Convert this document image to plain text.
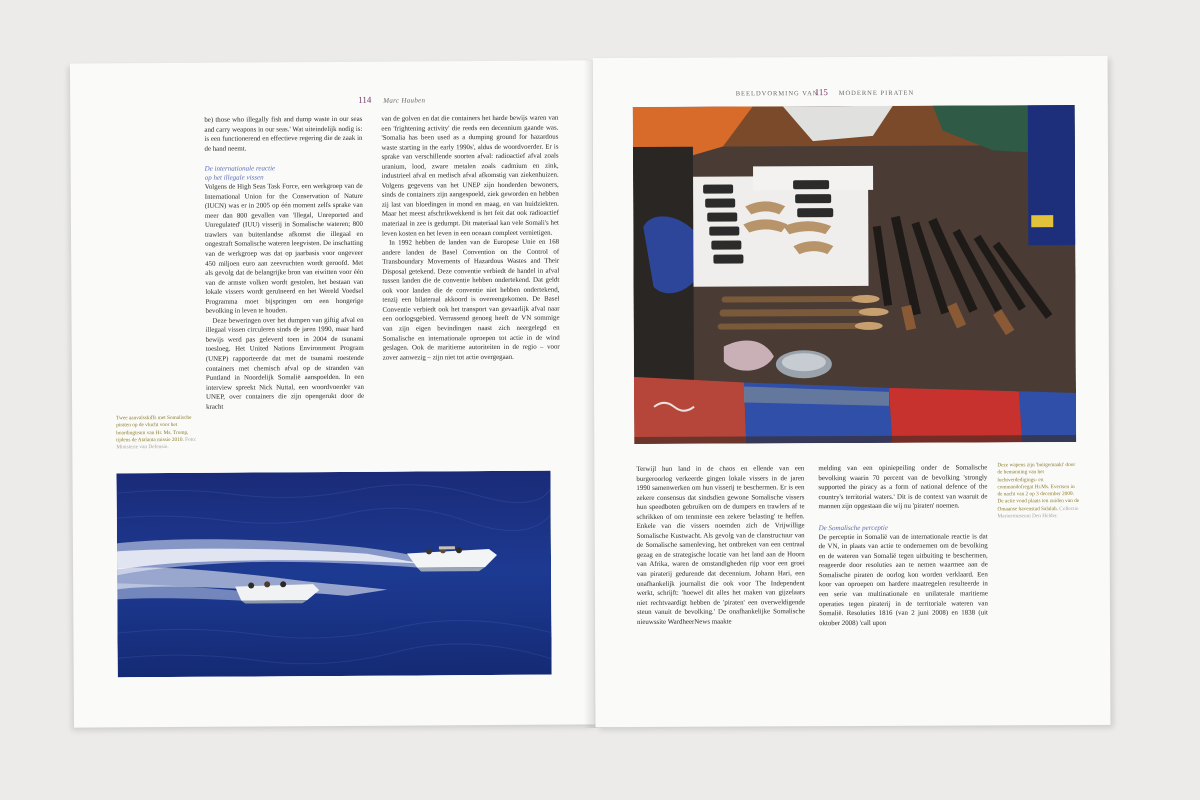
114 Marc Hauben

be) those who illegally fish and dump waste in our seas and carry weapons in our seas.' Wat uiteindelijk nodig is: is een functionerend en effectieve regering die de zaak in de hand neemt.

De internationale reactie
op het illegale vissen

Volgens de High Seas Task Force, een werkgroep van de International Union for the Conservation of Nature (IUCN) was er in 2005 op één moment zelfs sprake van meer dan 800 gevallen van 'Illegal, Unreported and Unregulated' (IUU) visserij in Somalische wateren; 800 trawlers van buitenlandse afkomst die illegaal en ongestraft Somalische wateren leegvisten. De inschatting van de werkgroep was dat op jaarbasis voor ongeveer 450 miljoen euro aan zeevruchten wordt geroofd. Met als gevolg dat de belangrijke bron van eiwitten voor één van de armste volken wordt gestolen, het bestaan van lokale vissers wordt geruïneerd en het Wereld Voedsel Programma moet bijspringen om een hongerige bevolking in leven te houden.

Deze beweringen over het dumpen van giftig afval en illegaal vissen circuleren sinds de jaren 1990, maar hard bewijs werd pas geleverd toen in 2004 de tsunami toesloeg. Het United Nations Environment Program (UNEP) rapporteerde dat met de tsunami roestende containers met chemisch afval op de stranden van Puntland in Noordelijk Somalië aanspoelden. In een interview spreekt Nick Nuttal, een woordvoerder van UNEP, over containers die zijn opengerukt door de kracht

van de golven en dat die containers het harde bewijs waren van een 'frightening activity' die reeds een decennium gaande was. 'Somalia has been used as a dumping ground for hazardous waste starting in the early 1990s', aldus de woordvoerder. Er is sprake van verschillende soorten afval: radioactief afval zoals uranium, lood, zware metalen zoals cadmium en zink, industrieel afval en medisch afval afkomstig van ziekenhuizen. Volgens gegevens van het UNEP zijn honderden bewoners, sinds de containers zijn aangespoeld, ziek geworden en hebben zij last van bloedingen in mond en maag, en van huidziekten. Maar het meest afschrikwekkend is het feit dat ook radioactief materiaal in zee is gedumpt. Dit materiaal kan vele Somali's het leven kosten en het leven in een oceaan compleet vernietigen.

In 1992 hebben de landen van de Europese Unie en 168 andere landen de Basel Convention on the Control of Transboundary Movements of Hazardous Wastes and Their Disposal getekend. Deze conventie verbiedt de handel in afval tussen landen die de conventie hebben ondertekend. Dat geldt ook voor landen die de conventie niet hebben ondertekend, tenzij een bilateraal akkoord is overeengekomen. De Basel Conventie verbiedt ook het transport van gevaarlijk afval naar een oorlogsgebied. Verrassend genoeg heeft de VN sommige van zijn eigen bevindingen naast zich neergelegd en Somalische en internationale oproepen tot actie in de wind geslagen. Ook de maritieme autoriteiten in de regio – voor zover aanwezig – zijn niet tot actie overgegaan.

Twee aanvalsskiffs met Somalische piraten op de vlucht voor het boardingteam van Hr. Ms. Tromp, tijdens de Atalanta missie 2010. Foto: Ministerie van Defensie.
BEELDVORMING VAN
115 MODERNE PIRATEN

Terwijl hun land in de chaos en ellende van een burgeroorlog verkeerde gingen lokale vissers in de jaren 1990 samenwerken om hun visserij te beschermen. Er is een zekere consensus dat sindsdien gewone Somalische vissers hun speedboten gebruiken om de dumpers en trawlers af te schrikken of om tenminste een zekere 'belasting' te heffen. Enkele van die vissers noemden zich de Vrijwillige Somalische Kustwacht. Als gevolg van de clanstructuur van de Somalische samenleving, het ontbreken van een centraal gezag en de strategische locatie van het land aan de Hoorn van Afrika, waren de omstandigheden rijp voor een groei van piraterij gedurende dat decennium. Johann Hari, een onafhankelijk journalist die ook voor The Independent werkt, schrijft: 'hoewel dit alles het maken van gijzelaars niet rechtvaardigt hebben de 'piraten' een overweldigende steun vanuit de bevolking.' De onafhankelijke Somalische nieuwssite WardheerNews maakte

melding van een opiniepeiling onder de Somalische bevolking waarin 70 percent van de bevolking 'strongly supported the piracy as a form of national defence of the country's territorial waters.' Dit is de context van waaruit de mannen zijn opgestaan die wij nu 'piraten' noemen.

De Somalische perceptie

De perceptie in Somalië van de internationale reactie is dat de VN, in plaats van actie te ondernemen om de bevolking en de wateren van Somalië tegen uitbuiting te beschermen, reageerde door resoluties aan te nemen waarmee aan de Somalische piraten de oorlog kon worden verklaard. Een koor van oproepen om hardere maatregelen resulteerde in een serie van multinationale en unilaterale maritieme operaties tegen piraterij in de territoriale wateren van Somalië. Resoluties 1816 (van 2 juni 2008) en 1838 (uit oktober 2008) 'call upon

Deze wapens zijn 'buitgemaakt' door de bemanning van het luchtverdedigings- en commandofregat Hr.Ms. Evertsen in de nacht van 2 op 3 december 2009. De actie vond plaats ten zuiden van de Omaanse havenstad Salalah. Collectie Marinemuseum Den Helder.
